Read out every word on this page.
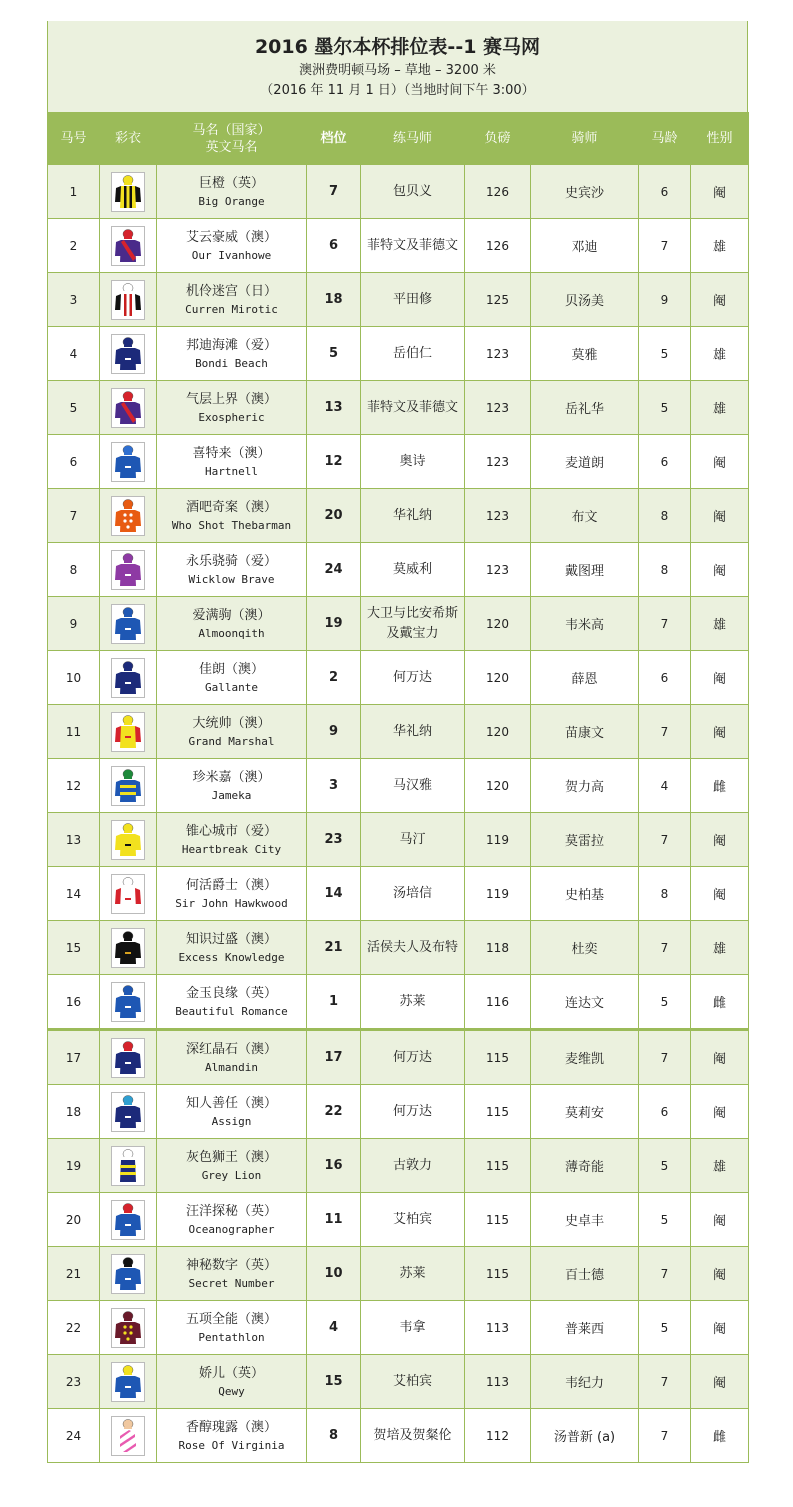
2016 墨尔本杯排位表--1 赛马网
澳洲费明顿马场 – 草地 – 3200 米
（2016 年 11 月 1 日）（当地时间下午 3:00）
马号	彩衣	马名（国家）
英文马名	档位	练马师	负磅	骑师	马龄	性别
1		巨橙（英）
Big Orange	7	包贝义	126	史宾沙	6	阉
2		艾云豪威（澳）
Our Ivanhowe	6	菲特文及菲德文	126	邓迪	7	雄
3		机伶迷宫（日）
Curren Mirotic	18	平田修	125	贝汤美	9	阉
4		邦迪海滩（爱）
Bondi Beach	5	岳伯仁	123	莫雅	5	雄
5		气层上界（澳）
Exospheric	13	菲特文及菲德文	123	岳礼华	5	雄
6		喜特来（澳）
Hartnell	12	奥诗	123	麦道朗	6	阉
7		酒吧奇案（澳）
Who Shot Thebarman	20	华礼纳	123	布文	8	阉
8		永乐骁骑（爱）
Wicklow Brave	24	莫威利	123	戴图理	8	阉
9		爱满驹（澳）
Almoonqith	19	大卫与比安希斯及戴宝力	120	韦米高	7	雄
10		佳朗（澳）
Gallante	2	何万达	120	薛恩	6	阉
11		大统帅（澳）
Grand Marshal	9	华礼纳	120	苗康文	7	阉
12		珍米嘉（澳）
Jameka	3	马汉雅	120	贺力高	4	雌
13		锥心城市（爱）
Heartbreak City	23	马汀	119	莫雷拉	7	阉
14		何活爵士（澳）
Sir John Hawkwood	14	汤培信	119	史柏基	8	阉
15		知识过盛（澳）
Excess Knowledge	21	活侯夫人及布特	118	杜奕	7	雄
16		金玉良缘（英）
Beautiful Romance	1	苏莱	116	连达文	5	雌
17		深红晶石（澳）
Almandin	17	何万达	115	麦维凯	7	阉
18		知人善任（澳）
Assign	22	何万达	115	莫莉安	6	阉
19		灰色狮王（澳）
Grey Lion	16	古敦力	115	薄奇能	5	雄
20		汪洋探秘（英）
Oceanographer	11	艾柏宾	115	史卓丰	5	阉
21		神秘数字（英）
Secret Number	10	苏莱	115	百士德	7	阉
22		五项全能（澳）
Pentathlon	4	韦拿	113	普莱西	5	阉
23		娇儿（英）
Qewy	15	艾柏宾	113	韦纪力	7	阉
24		香醇瑰露（澳）
Rose Of Virginia	8	贺培及贺粲伦	112	汤普新 (a)	7	雌
